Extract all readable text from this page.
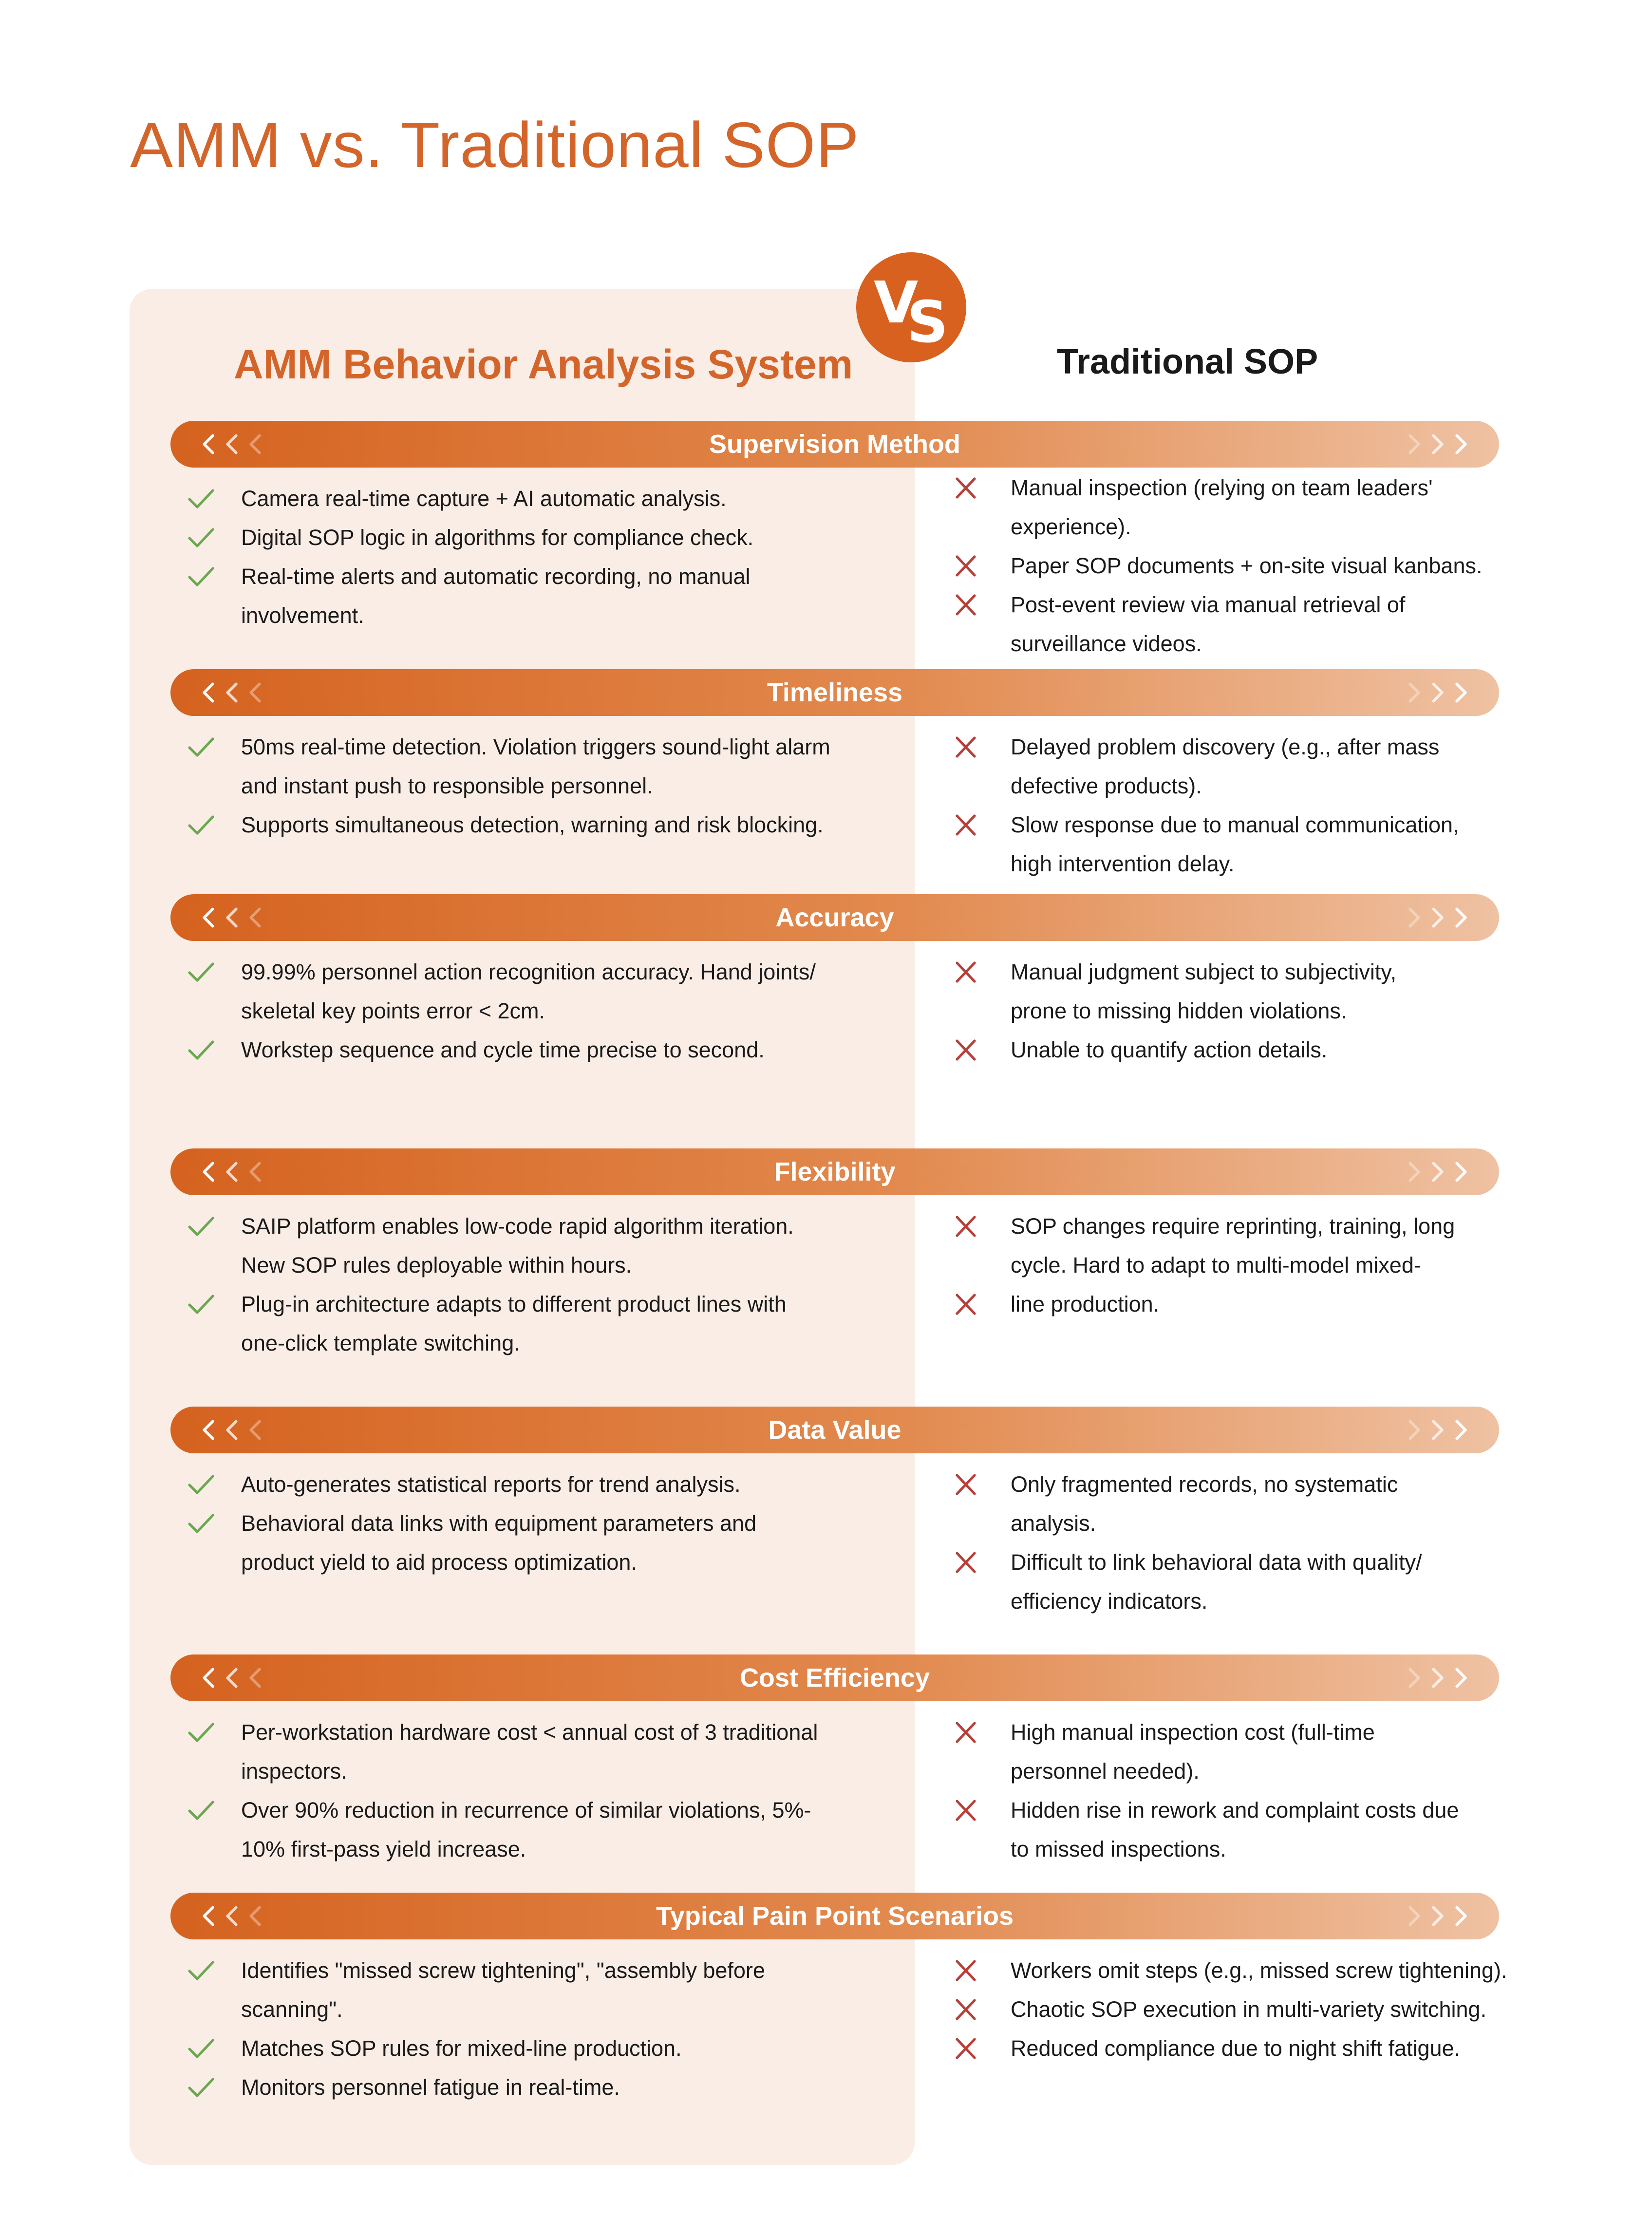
AMM vs. Traditional SOP
V
S
AMM Behavior Analysis System	Traditional SOP
Supervision Method
Camera real-time capture + AI automatic analysis.
Digital SOP logic in algorithms for compliance check.
Real-time alerts and automatic recording, no manual
involvement.
Manual inspection (relying on team leaders'
experience).
Paper SOP documents + on-site visual kanbans.
Post-event review via manual retrieval of
surveillance videos.
Timeliness
50ms real-time detection. Violation triggers sound-light alarm
and instant push to responsible personnel.
Supports simultaneous detection, warning and risk blocking.
Delayed problem discovery (e.g., after mass
defective products).
Slow response due to manual communication,
high intervention delay.
Accuracy
99.99% personnel action recognition accuracy. Hand joints/
skeletal key points error < 2cm.
Workstep sequence and cycle time precise to second.
Manual judgment subject to subjectivity,
prone to missing hidden violations.
Unable to quantify action details.
Flexibility
SAIP platform enables low-code rapid algorithm iteration.
New SOP rules deployable within hours.
Plug-in architecture adapts to different product lines with
one-click template switching.
SOP changes require reprinting, training, long
cycle. Hard to adapt to multi-model mixed-
line production.
Data Value
Auto-generates statistical reports for trend analysis.
Behavioral data links with equipment parameters and
product yield to aid process optimization.
Only fragmented records, no systematic
analysis.
Difficult to link behavioral data with quality/
efficiency indicators.
Cost Efficiency
Per-workstation hardware cost < annual cost of 3 traditional
inspectors.
Over 90% reduction in recurrence of similar violations, 5%-
10% first-pass yield increase.
High manual inspection cost (full-time
personnel needed).
Hidden rise in rework and complaint costs due
to missed inspections.
Typical Pain Point Scenarios
Identifies "missed screw tightening", "assembly before
scanning".
Matches SOP rules for mixed-line production.
Monitors personnel fatigue in real-time.
Workers omit steps (e.g., missed screw tightening).
Chaotic SOP execution in multi-variety switching.
Reduced compliance due to night shift fatigue.
